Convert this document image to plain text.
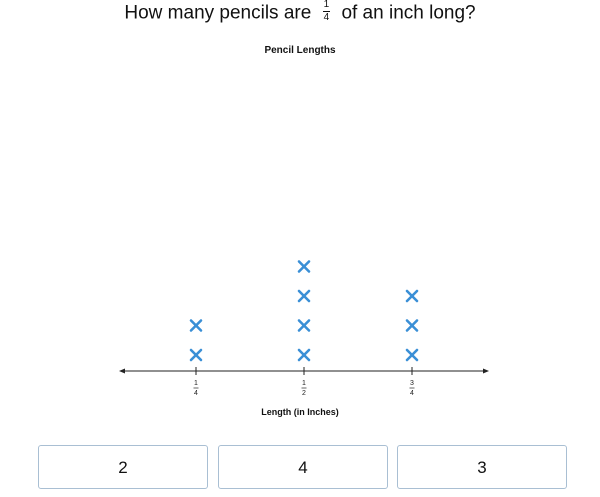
How many pencils are $\frac{1}{4}$ of an inch long?
Pencil Lengths
1
4
1
2
3
4
Length (in Inches)
2	4	3
